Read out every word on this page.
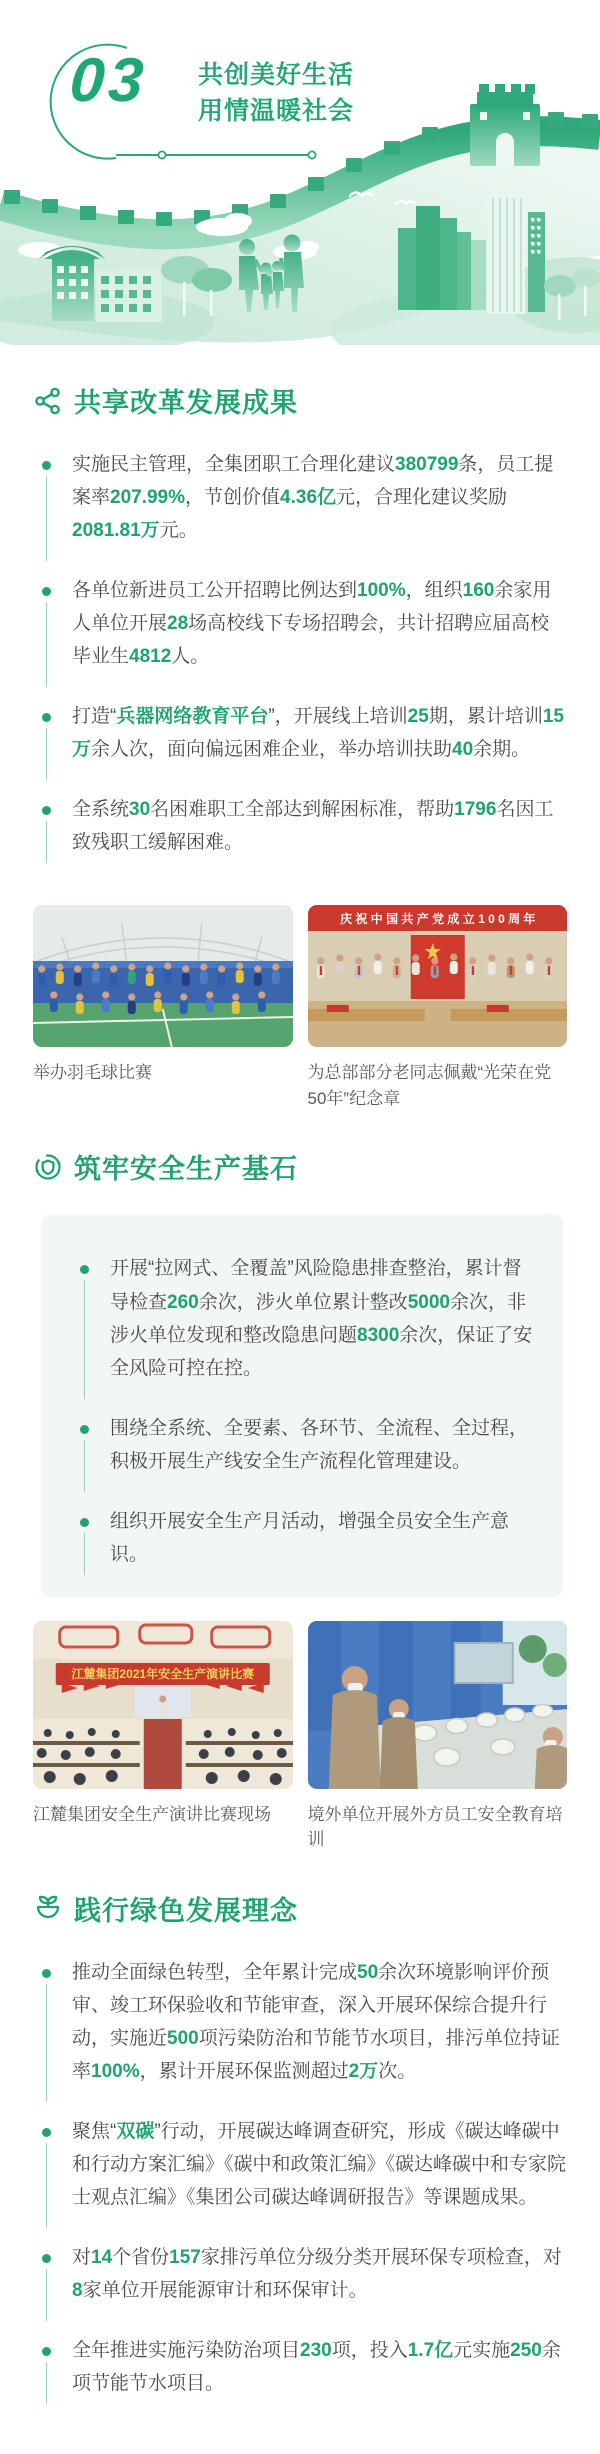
03 共创美好生活
用情温暖社会
共享改革发展成果
实施民主管理，全集团职工合理化建议380799条，员工提案率207.99%，节创价值4.36亿元，合理化建议奖励2081.81万元。
各单位新进员工公开招聘比例达到100%，组织160余家用人单位开展28场高校线下专场招聘会，共计招聘应届高校毕业生4812人。
打造“兵器网络教育平台”，开展线上培训25期，累计培训15万余人次，面向偏远困难企业，举办培训扶助40余期。
全系统30名困难职工全部达到解困标准，帮助1796名因工致残职工缓解困难。
举办羽毛球比赛
庆 祝 中 国 共 产 党 成 立 1 0 0 周 年
为总部部分老同志佩戴“光荣在党50年”纪念章
筑牢安全生产基石
开展“拉网式、全覆盖”风险隐患排查整治，累计督导检查260余次，涉火单位累计整改5000余次，非涉火单位发现和整改隐患问题8300余次，保证了安全风险可控在控。
围绕全系统、全要素、各环节、全流程、全过程，积极开展生产线安全生产流程化管理建设。
组织开展安全生产月活动，增强全员安全生产意识。
江麓集团2021年安全生产演讲比赛
江麓集团安全生产演讲比赛现场	境外单位开展外方员工安全教育培训
践行绿色发展理念
推动全面绿色转型，全年累计完成50余次环境影响评价预审、竣工环保验收和节能审查，深入开展环保综合提升行动，实施近500项污染防治和节能节水项目，排污单位持证率100%，累计开展环保监测超过2万次。
聚焦“双碳”行动，开展碳达峰调查研究，形成《碳达峰碳中和行动方案汇编》《碳中和政策汇编》《碳达峰碳中和专家院士观点汇编》《集团公司碳达峰调研报告》等课题成果。
对14个省份157家排污单位分级分类开展环保专项检查，对8家单位开展能源审计和环保审计。
全年推进实施污染防治项目230项，投入1.7亿元实施250余项节能节水项目。
